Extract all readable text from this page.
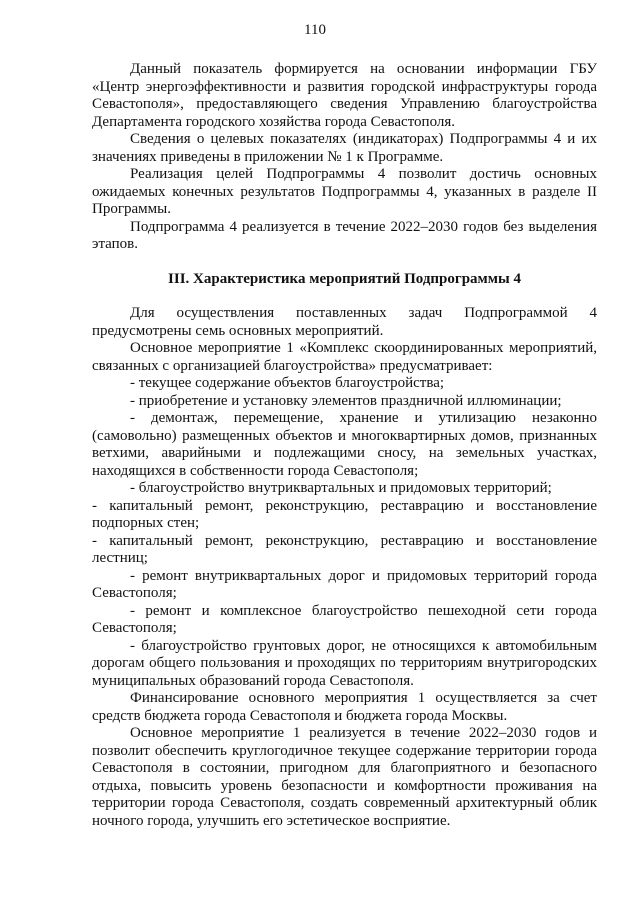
110

Данный показатель формируется на основании информации ГБУ «Центр энергоэффективности и развития городской инфраструктуры города Севастополя», предоставляющего сведения Управлению благоустройства Департамента городского хозяйства города Севастополя.

Сведения о целевых показателях (индикаторах) Подпрограммы 4 и их значениях приведены в приложении № 1 к Программе.

Реализация целей Подпрограммы 4 позволит достичь основных ожидаемых конечных результатов Подпрограммы 4, указанных в разделе II Программы.

Подпрограмма 4 реализуется в течение 2022–2030 годов без выделения этапов.

III. Характеристика мероприятий Подпрограммы 4

Для осуществления поставленных задач Подпрограммой 4 предусмотрены семь основных мероприятий.

Основное мероприятие 1 «Комплекс скоординированных мероприятий, связанных с организацией благоустройства» предусматривает:

- текущее содержание объектов благоустройства;

- приобретение и установку элементов праздничной иллюминации;

- демонтаж, перемещение, хранение и утилизацию незаконно (самовольно) размещенных объектов и многоквартирных домов, признанных ветхими, аварийными и подлежащими сносу, на земельных участках, находящихся в собственности города Севастополя;

- благоустройство внутриквартальных и придомовых территорий;

- капитальный ремонт, реконструкцию, реставрацию и восстановление подпорных стен;

- капитальный ремонт, реконструкцию, реставрацию и восстановление лестниц;

- ремонт внутриквартальных дорог и придомовых территорий города Севастополя;

- ремонт и комплексное благоустройство пешеходной сети города Севастополя;

- благоустройство грунтовых дорог, не относящихся к автомобильным дорогам общего пользования и проходящих по территориям внутригородских муниципальных образований города Севастополя.

Финансирование основного мероприятия 1 осуществляется за счет средств бюджета города Севастополя и бюджета города Москвы.

Основное мероприятие 1 реализуется в течение 2022–2030 годов и позволит обеспечить круглогодичное текущее содержание территории города Севастополя в состоянии, пригодном для благоприятного и безопасного отдыха, повысить уровень безопасности и комфортности проживания на территории города Севастополя, создать современный архитектурный облик ночного города, улучшить его эстетическое восприятие.
